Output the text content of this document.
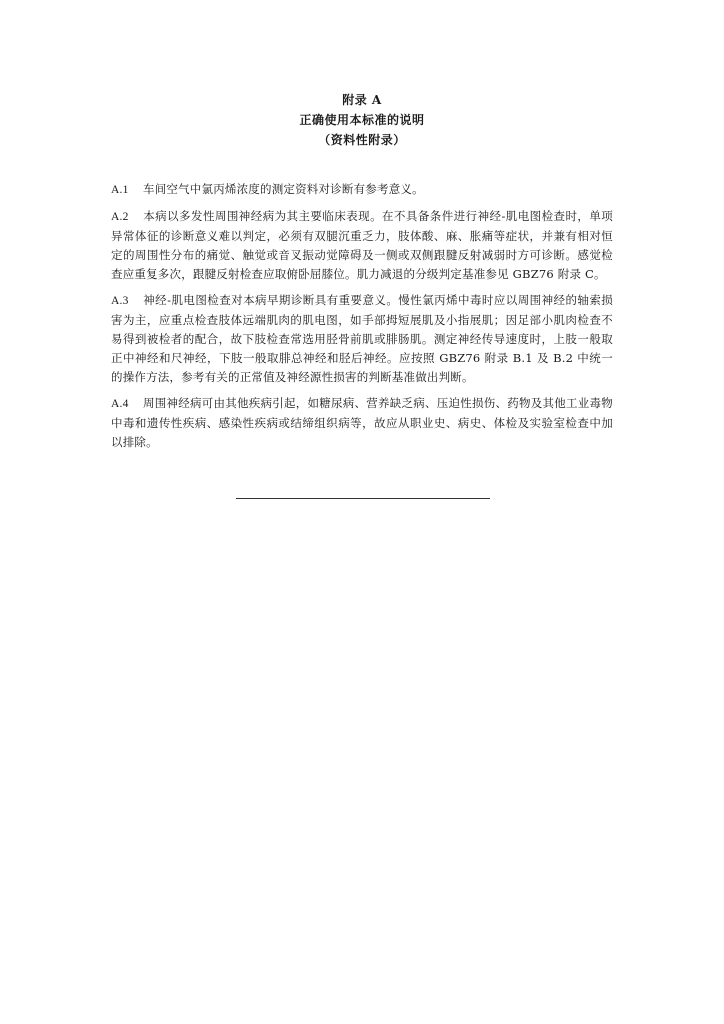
附录 A
正确使用本标准的说明
（资料性附录）

A.1 车间空气中氯丙烯浓度的测定资料对诊断有参考意义。

A.2 本病以多发性周围神经病为其主要临床表现。在不具备条件进行神经-肌电图检查时，单项异常体征的诊断意义难以判定，必须有双腿沉重乏力，肢体酸、麻、胀痛等症状，并兼有相对恒定的周围性分布的痛觉、触觉或音叉振动觉障碍及一侧或双侧跟腱反射减弱时方可诊断。感觉检查应重复多次，跟腱反射检查应取俯卧屈膝位。肌力减退的分级判定基准参见 GBZ76 附录 C。

A.3 神经-肌电图检查对本病早期诊断具有重要意义。慢性氯丙烯中毒时应以周围神经的轴索损害为主，应重点检查肢体远端肌肉的肌电图，如手部拇短展肌及小指展肌；因足部小肌肉检查不易得到被检者的配合，故下肢检查常选用胫骨前肌或腓肠肌。测定神经传导速度时，上肢一般取正中神经和尺神经，下肢一般取腓总神经和胫后神经。应按照 GBZ76 附录 B.1 及 B.2 中统一的操作方法，参考有关的正常值及神经源性损害的判断基准做出判断。

A.4 周围神经病可由其他疾病引起，如糖尿病、营养缺乏病、压迫性损伤、药物及其他工业毒物中毒和遗传性疾病、感染性疾病或结缔组织病等，故应从职业史、病史、体检及实验室检查中加以排除。
